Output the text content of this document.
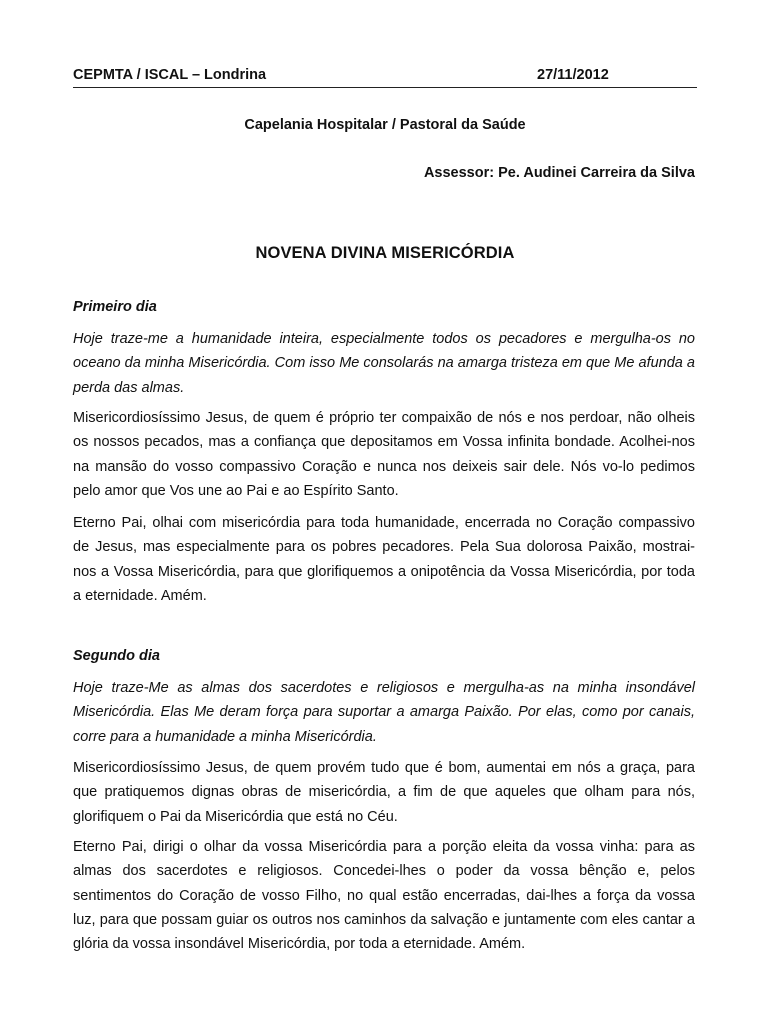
CEPMTA / ISCAL – Londrina	27/11/2012
Capelania Hospitalar / Pastoral da Saúde
Assessor: Pe. Audinei Carreira da Silva
NOVENA DIVINA MISERICÓRDIA
Primeiro dia

Hoje traze-me a humanidade inteira, especialmente todos os pecadores e mergulha-os no oceano da minha Misericórdia. Com isso Me consolarás na amarga tristeza em que Me afunda a perda das almas.

Misericordiosíssimo Jesus, de quem é próprio ter compaixão de nós e nos perdoar, não olheis os nossos pecados, mas a confiança que depositamos em Vossa infinita bondade. Acolhei-nos na mansão do vosso compassivo Coração e nunca nos deixeis sair dele. Nós vo-lo pedimos pelo amor que Vos une ao Pai e ao Espírito Santo.

Eterno Pai, olhai com misericórdia para toda humanidade, encerrada no Coração compassivo de Jesus, mas especialmente para os pobres pecadores. Pela Sua dolorosa Paixão, mostrai-nos a Vossa Misericórdia, para que glorifiquemos a onipotência da Vossa Misericórdia, por toda a eternidade. Amém.

Segundo dia

Hoje traze-Me as almas dos sacerdotes e religiosos e mergulha-as na minha insondável Misericórdia. Elas Me deram força para suportar a amarga Paixão. Por elas, como por canais, corre para a humanidade a minha Misericórdia.

Misericordiosíssimo Jesus, de quem provém tudo que é bom, aumentai em nós a graça, para que pratiquemos dignas obras de misericórdia, a fim de que aqueles que olham para nós, glorifiquem o Pai da Misericórdia que está no Céu.

Eterno Pai, dirigi o olhar da vossa Misericórdia para a porção eleita da vossa vinha: para as almas dos sacerdotes e religiosos. Concedei-lhes o poder da vossa bênção e, pelos sentimentos do Coração de vosso Filho, no qual estão encerradas, dai-lhes a força da vossa luz, para que possam guiar os outros nos caminhos da salvação e juntamente com eles cantar a glória da vossa insondável Misericórdia, por toda a eternidade. Amém.
